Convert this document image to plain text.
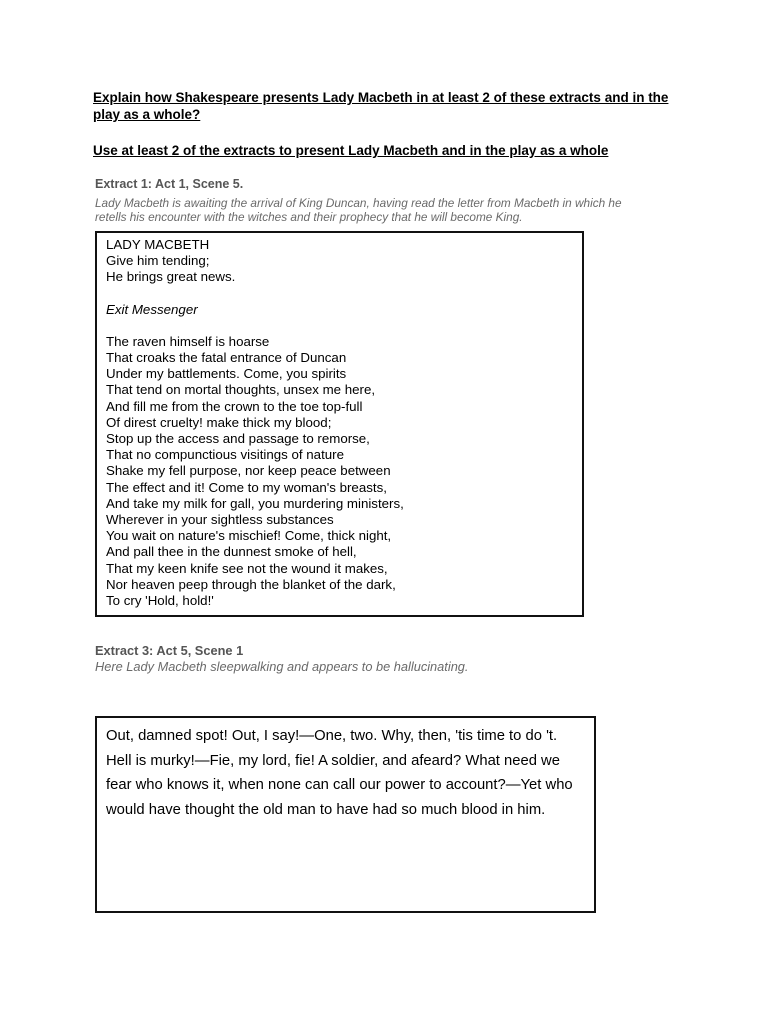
Explain how Shakespeare presents Lady Macbeth in at least 2 of these extracts and in the play as a whole?
Use at least 2 of the extracts to present Lady Macbeth and in the play as a whole
Extract 1: Act 1, Scene 5.
Lady Macbeth is awaiting the arrival of King Duncan, having read the letter from Macbeth in which he retells his encounter with the witches and their prophecy that he will become King.
LADY MACBETH
Give him tending;
He brings great news.
Exit Messenger
The raven himself is hoarse
That croaks the fatal entrance of Duncan
Under my battlements. Come, you spirits
That tend on mortal thoughts, unsex me here,
And fill me from the crown to the toe top-full
Of direst cruelty! make thick my blood;
Stop up the access and passage to remorse,
That no compunctious visitings of nature
Shake my fell purpose, nor keep peace between
The effect and it! Come to my woman's breasts,
And take my milk for gall, you murdering ministers,
Wherever in your sightless substances
You wait on nature's mischief! Come, thick night,
And pall thee in the dunnest smoke of hell,
That my keen knife see not the wound it makes,
Nor heaven peep through the blanket of the dark,
To cry 'Hold, hold!'
Extract 3: Act 5, Scene 1
Here Lady Macbeth sleepwalking and appears to be hallucinating.
Out, damned spot! Out, I say!—One, two. Why, then, 'tis time to do 't. Hell is murky!—Fie, my lord, fie! A soldier, and afeard? What need we fear who knows it, when none can call our power to account?—Yet who would have thought the old man to have had so much blood in him.
